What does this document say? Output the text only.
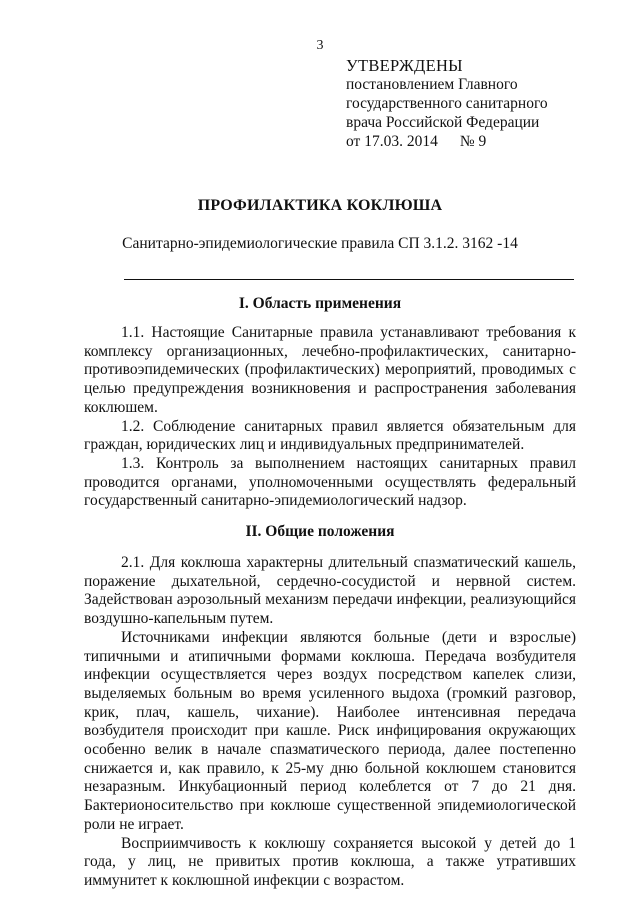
3
УТВЕРЖДЕНЫ
постановлением Главного
государственного санитарного
врача Российской Федерации
от 17.03. 2014 № 9
ПРОФИЛАКТИКА КОКЛЮША
Санитарно-эпидемиологические правила СП 3.1.2. 3162 -14
I. Область применения

1.1. Настоящие Санитарные правила устанавливают требования к комплексу организационных, лечебно-профилактических, санитарно-противоэпидемических (профилактических) мероприятий, проводимых с целью предупреждения возникновения и распространения заболевания коклюшем.

1.2. Соблюдение санитарных правил является обязательным для граждан, юридических лиц и индивидуальных предпринимателей.

1.3. Контроль за выполнением настоящих санитарных правил проводится органами, уполномоченными осуществлять федеральный государственный санитарно-эпидемиологический надзор.

II. Общие положения

2.1. Для коклюша характерны длительный спазматический кашель, поражение дыхательной, сердечно-сосудистой и нервной систем. Задействован аэрозольный механизм передачи инфекции, реализующийся воздушно-капельным путем.

Источниками инфекции являются больные (дети и взрослые) типичными и атипичными формами коклюша. Передача возбудителя инфекции осуществляется через воздух посредством капелек слизи, выделяемых больным во время усиленного выдоха (громкий разговор, крик, плач, кашель, чихание). Наиболее интенсивная передача возбудителя происходит при кашле. Риск инфицирования окружающих особенно велик в начале спазматического периода, далее постепенно снижается и, как правило, к 25-му дню больной коклюшем становится незаразным. Инкубационный период колеблется от 7 до 21 дня. Бактерионосительство при коклюше существенной эпидемиологической роли не играет.

Восприимчивость к коклюшу сохраняется высокой у детей до 1 года, у лиц, не привитых против коклюша, а также утративших иммунитет к коклюшной инфекции с возрастом.
